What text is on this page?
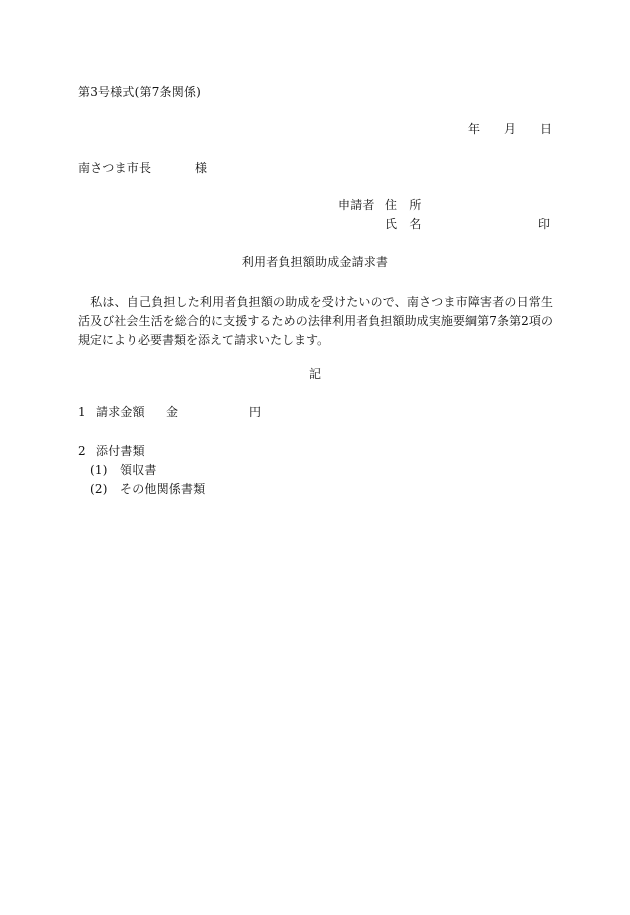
第3号様式(第7条関係)
年 月 日
南さつま市長	様
申請者 住　所
氏　名	印
利用者負担額助成金請求書
　私は、自己負担した利用者負担額の助成を受けたいので、南さつま市障害者の日常生活及び社会生活を総合的に支援するための法律利用者負担額助成実施要綱第7条第2項の規定により必要書類を添えて請求いたします。
記
1 請求金額 金	円
2 添付書類
(1) 領収書
(2) その他関係書類
